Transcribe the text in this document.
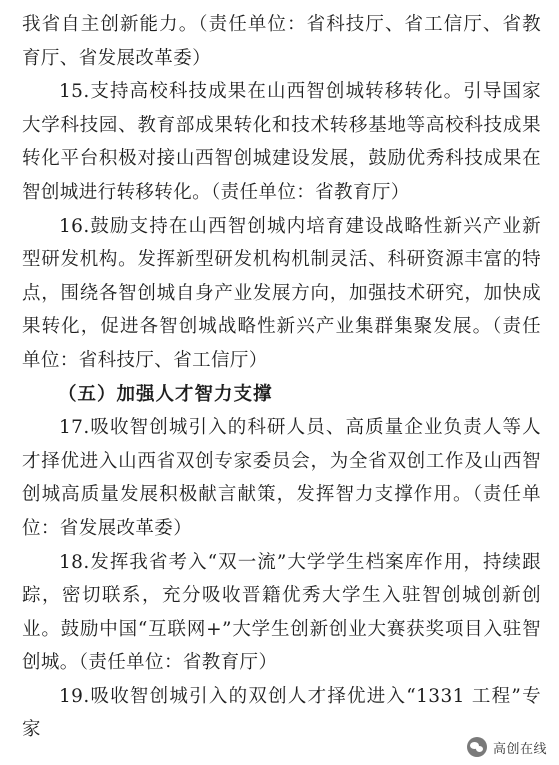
我省自主创新能力。（责任单位：省科技厅、省工信厅、省教育厅、省发展改革委）

15.支持高校科技成果在山西智创城转移转化。引导国家大学科技园、教育部成果转化和技术转移基地等高校科技成果转化平台积极对接山西智创城建设发展，鼓励优秀科技成果在智创城进行转移转化。（责任单位：省教育厅）

16.鼓励支持在山西智创城内培育建设战略性新兴产业新型研发机构。发挥新型研发机构机制灵活、科研资源丰富的特点，围绕各智创城自身产业发展方向，加强技术研究，加快成果转化，促进各智创城战略性新兴产业集群集聚发展。（责任单位：省科技厅、省工信厅）

（五）加强人才智力支撑

17.吸收智创城引入的科研人员、高质量企业负责人等人才择优进入山西省双创专家委员会，为全省双创工作及山西智创城高质量发展积极献言献策，发挥智力支撑作用。（责任单位：省发展改革委）

18.发挥我省考入“双一流”大学学生档案库作用，持续跟踪，密切联系，充分吸收晋籍优秀大学生入驻智创城创新创业。鼓励中国“互联网+”大学生创新创业大赛获奖项目入驻智创城。（责任单位：省教育厅）

19.吸收智创城引入的双创人才择优进入“1331 工程”专家

高创在线
